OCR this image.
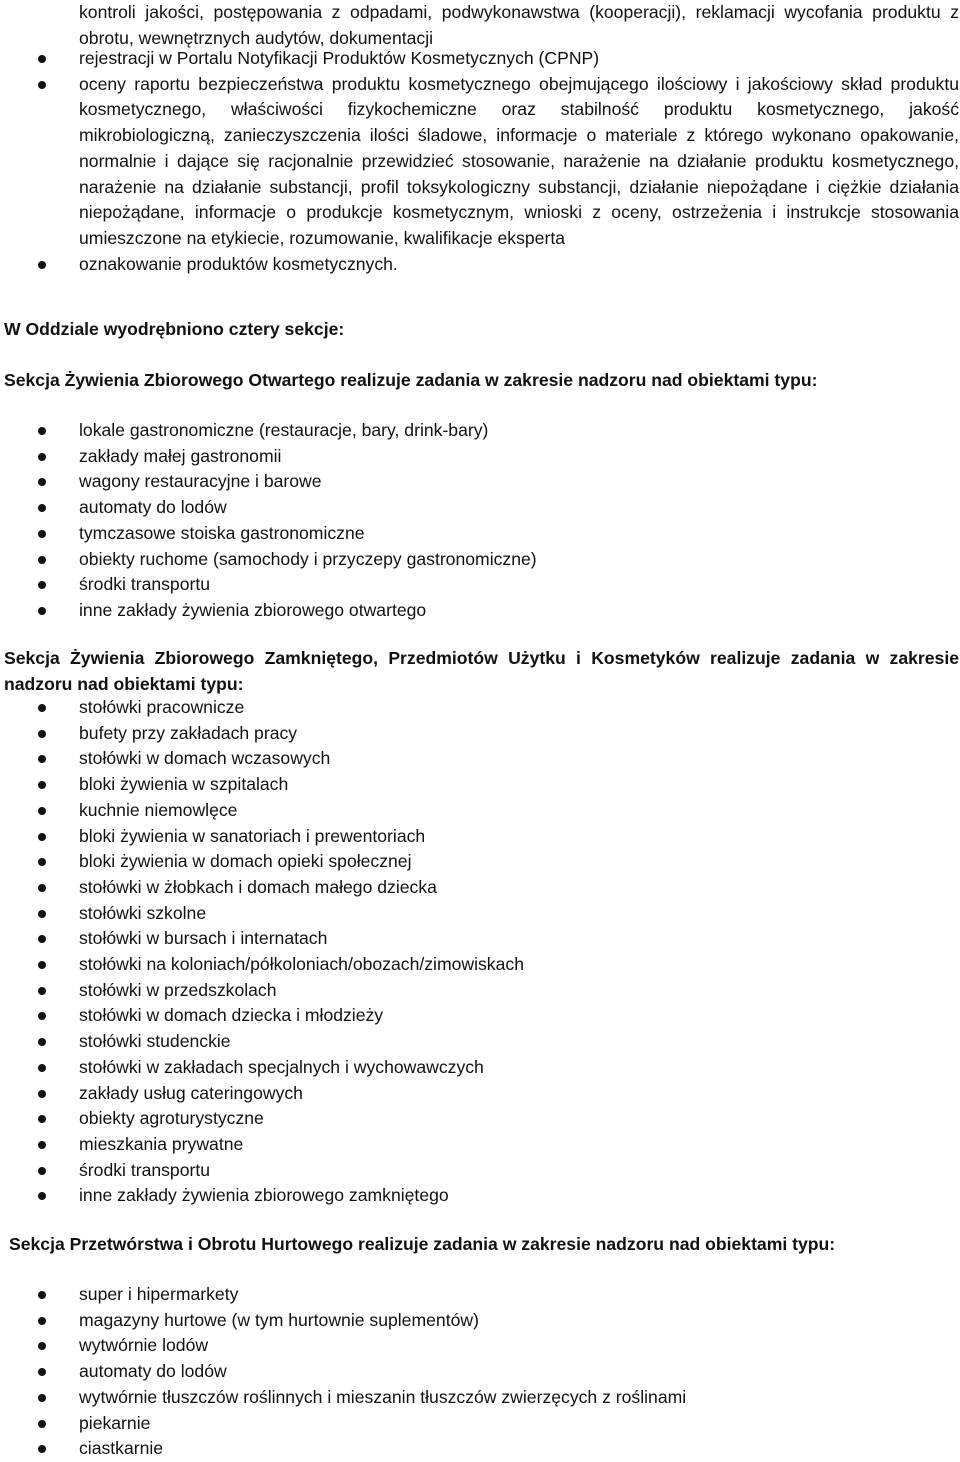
kontroli jakości, postępowania z odpadami, podwykonawstwa (kooperacji), reklamacji wycofania produktu z obrotu, wewnętrznych audytów, dokumentacji
rejestracji w Portalu Notyfikacji Produktów Kosmetycznych (CPNP)
oceny raportu bezpieczeństwa produktu kosmetycznego obejmującego ilościowy i jakościowy skład produktu kosmetycznego, właściwości fizykochemiczne oraz stabilność produktu kosmetycznego, jakość mikrobiologiczną, zanieczyszczenia ilości śladowe, informacje o materiale z którego wykonano opakowanie, normalnie i dające się racjonalnie przewidzieć stosowanie, narażenie na działanie produktu kosmetycznego, narażenie na działanie substancji, profil toksykologiczny substancji, działanie niepożądane i ciężkie działania niepożądane, informacje o produkcje kosmetycznym, wnioski z oceny, ostrzeżenia i instrukcje stosowania umieszczone na etykiecie, rozumowanie, kwalifikacje eksperta
oznakowanie produktów kosmetycznych.
W Oddziale wyodrębniono cztery sekcje:
Sekcja Żywienia Zbiorowego Otwartego realizuje zadania w zakresie nadzoru nad obiektami typu:
lokale gastronomiczne (restauracje, bary, drink-bary)
zakłady małej gastronomii
wagony restauracyjne i barowe
automaty do lodów
tymczasowe stoiska gastronomiczne
obiekty ruchome (samochody i przyczepy gastronomiczne)
środki transportu
inne zakłady żywienia zbiorowego otwartego
Sekcja Żywienia Zbiorowego Zamkniętego, Przedmiotów Użytku i Kosmetyków realizuje zadania w zakresie nadzoru nad obiektami typu:
stołówki pracownicze
bufety przy zakładach pracy
stołówki w domach wczasowych
bloki żywienia w szpitalach
kuchnie niemowlęce
bloki żywienia w sanatoriach i prewentoriach
bloki żywienia w domach opieki społecznej
stołówki w żłobkach i domach małego dziecka
stołówki szkolne
stołówki w bursach i internatach
stołówki na koloniach/półkoloniach/obozach/zimowiskach
stołówki w przedszkolach
stołówki w domach dziecka i młodzieży
stołówki studenckie
stołówki w zakładach specjalnych i wychowawczych
zakłady usług cateringowych
obiekty agroturystyczne
mieszkania prywatne
środki transportu
inne zakłady żywienia zbiorowego zamkniętego
Sekcja Przetwórstwa i Obrotu Hurtowego realizuje zadania w zakresie nadzoru nad obiektami typu:
super i hipermarkety
magazyny hurtowe (w tym hurtownie suplementów)
wytwórnie lodów
automaty do lodów
wytwórnie tłuszczów roślinnych i mieszanin tłuszczów zwierzęcych z roślinami
piekarnie
ciastkarnie
